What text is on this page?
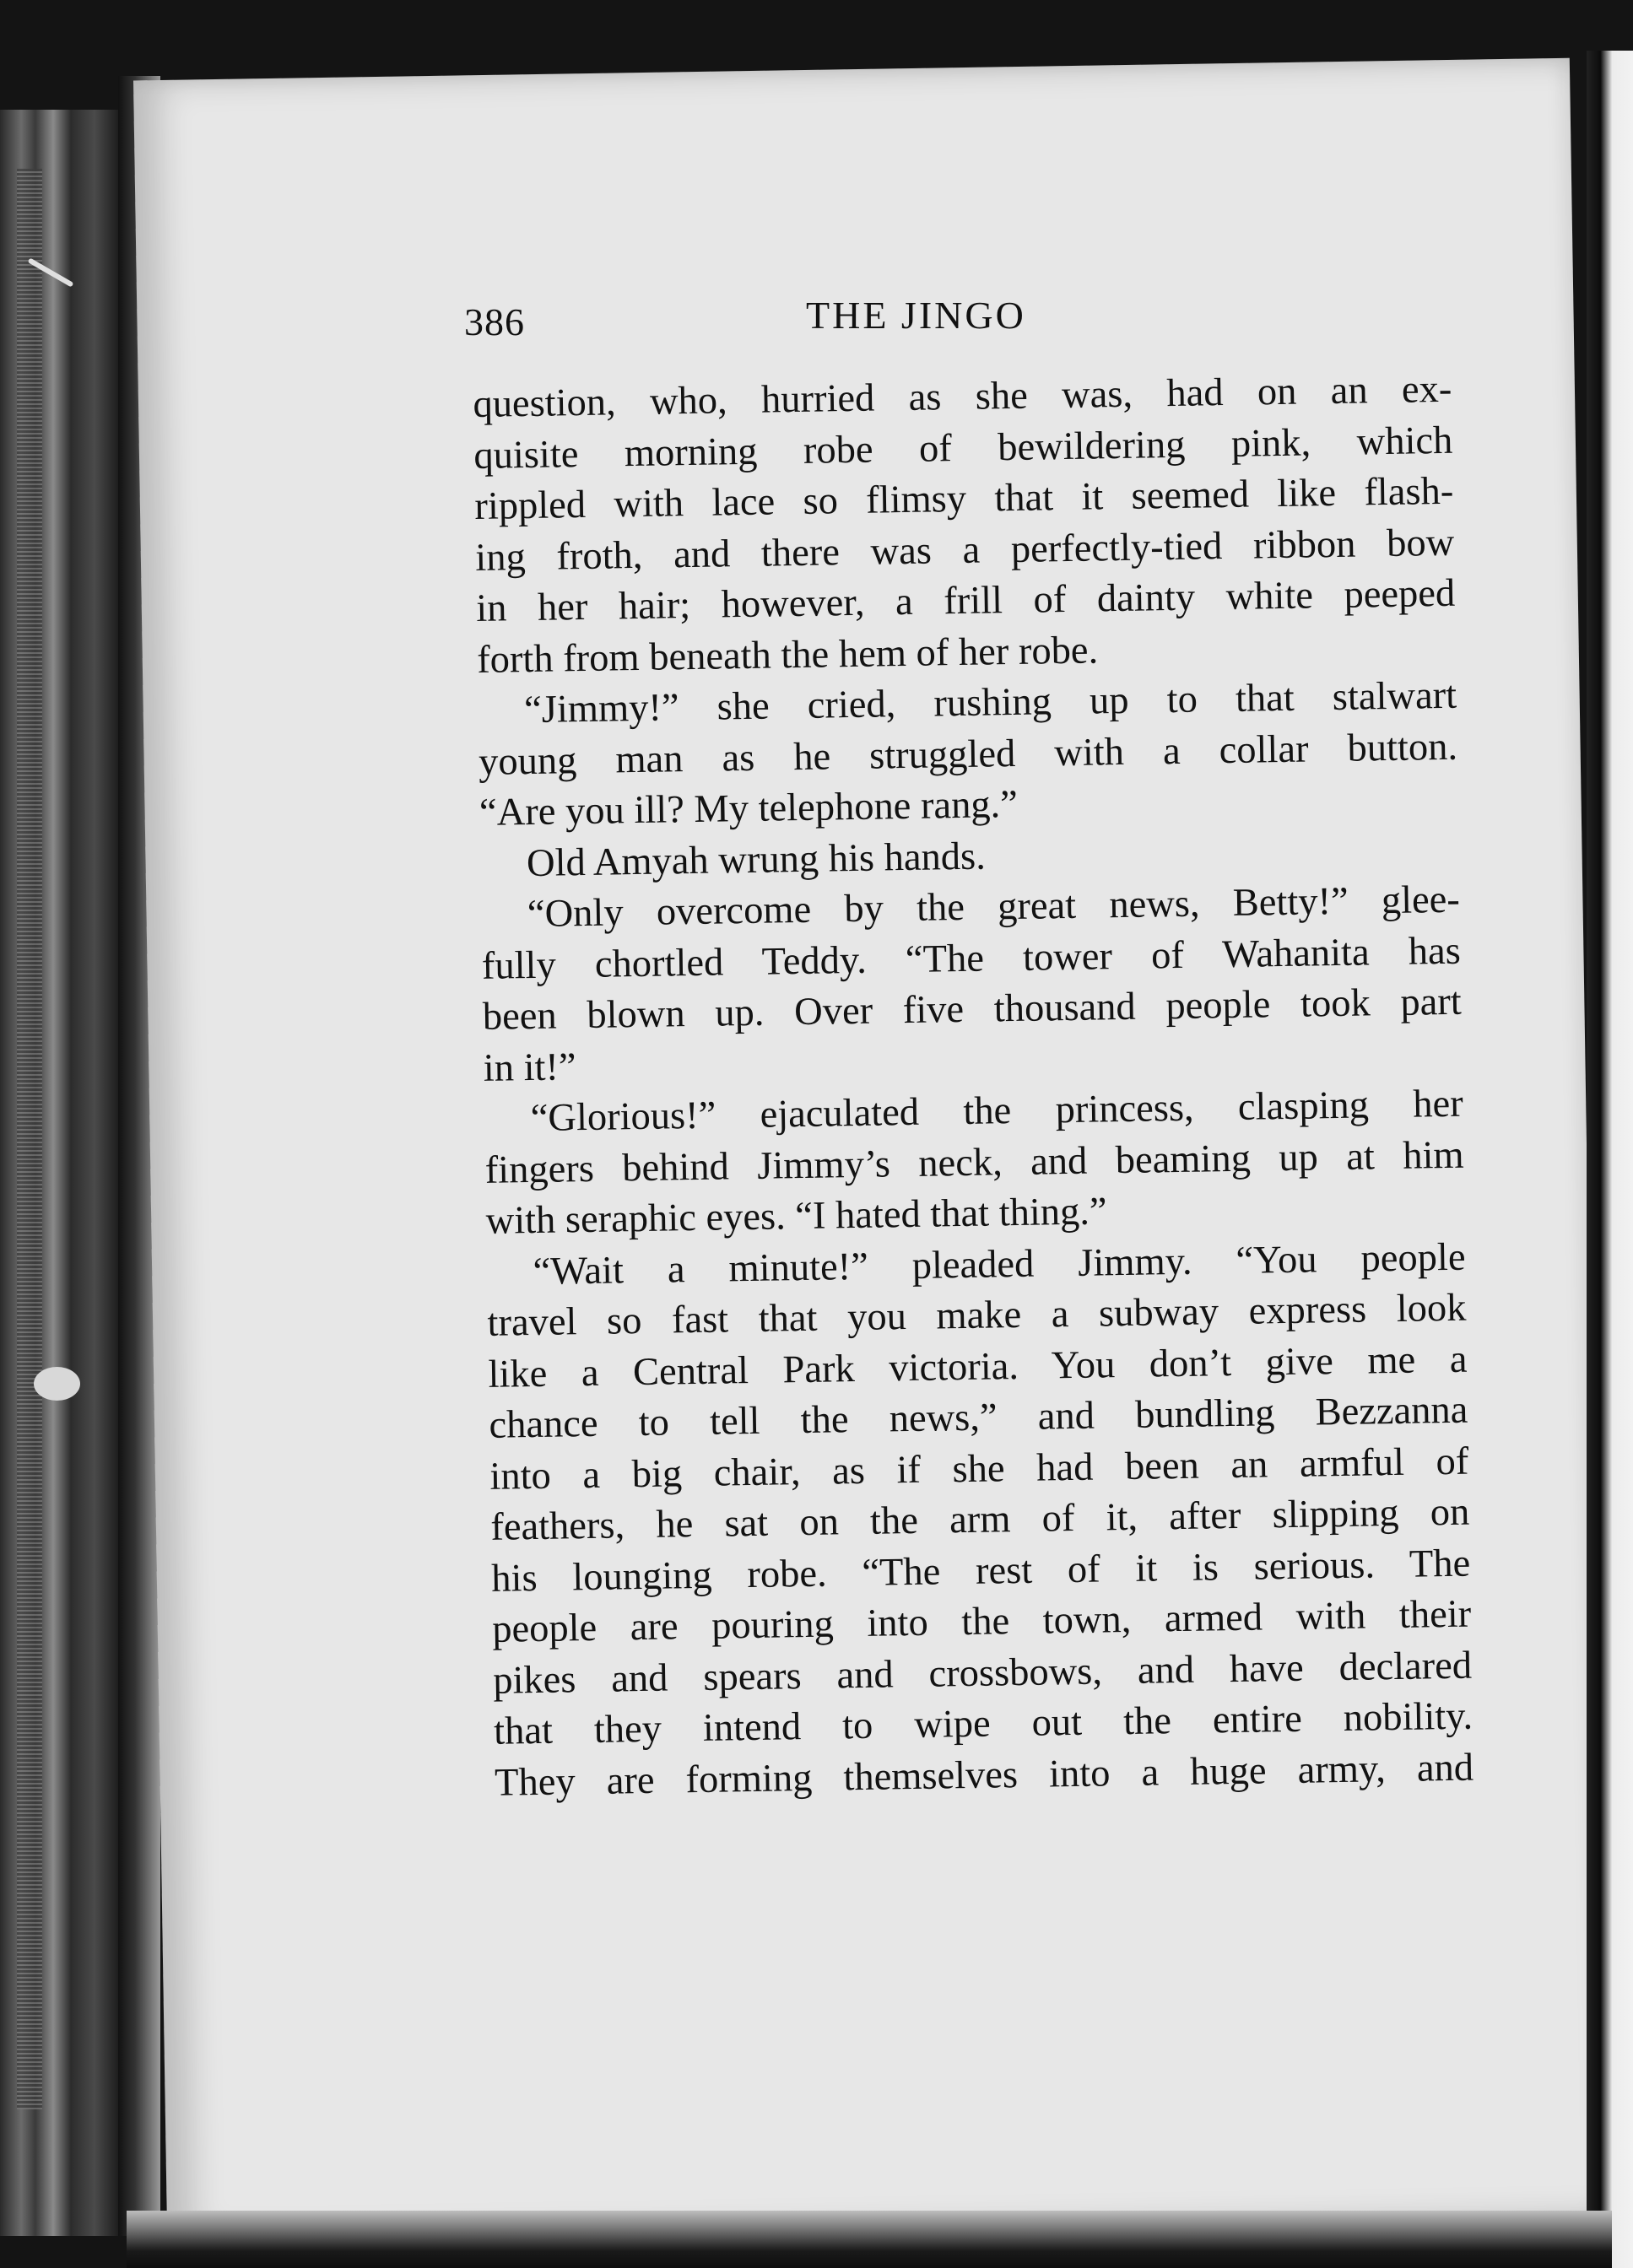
386	THE JINGO
question, who, hurried as she was, had on an ex-
quisite morning robe of bewildering pink, which
rippled with lace so flimsy that it seemed like flash-
ing froth, and there was a perfectly-tied ribbon bow
in her hair; however, a frill of dainty white peeped
forth from beneath the hem of her robe.
“Jimmy!” she cried, rushing up to that stalwart
young man as he struggled with a collar button.
“Are you ill? My telephone rang.”
Old Amyah wrung his hands.
“Only overcome by the great news, Betty!” glee-
fully chortled Teddy. “The tower of Wahanita has
been blown up. Over five thousand people took part
in it!”
“Glorious!” ejaculated the princess, clasping her
fingers behind Jimmy’s neck, and beaming up at him
with seraphic eyes. “I hated that thing.”
“Wait a minute!” pleaded Jimmy. “You people
travel so fast that you make a subway express look
like a Central Park victoria. You don’t give me a
chance to tell the news,” and bundling Bezzanna
into a big chair, as if she had been an armful of
feathers, he sat on the arm of it, after slipping on
his lounging robe. “The rest of it is serious. The
people are pouring into the town, armed with their
pikes and spears and crossbows, and have declared
that they intend to wipe out the entire nobility.
They are forming themselves into a huge army, and
